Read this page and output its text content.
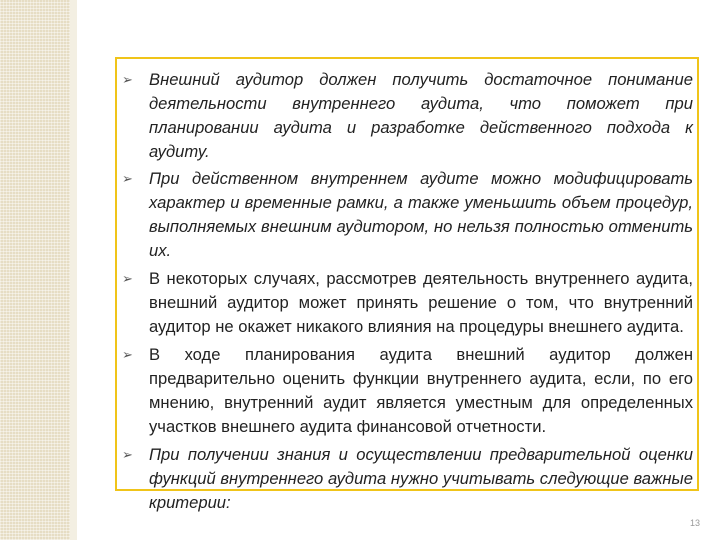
➢ Внешний аудитор должен получить достаточное понимание деятельности внутреннего аудита, что поможет при планировании аудита и разработке действенного подхода к аудиту.
➢ При действенном внутреннем аудите можно модифицировать характер и временные рамки, а также уменьшить объем процедур, выполняемых внешним аудитором, но нельзя полностью отменить их.
➢ В некоторых случаях, рассмотрев деятельность внутреннего аудита, внешний аудитор может принять решение о том, что внутренний аудитор не окажет никакого влияния на процедуры внешнего аудита.
➢ В ходе планирования аудита внешний аудитор должен предварительно оценить функции внутреннего аудита, если, по его мнению, внутренний аудит является уместным для определенных участков внешнего аудита финансовой отчетности.
➢ При получении знания и осуществлении предварительной оценки функций внутреннего аудита нужно учитывать следующие важные критерии:
13
